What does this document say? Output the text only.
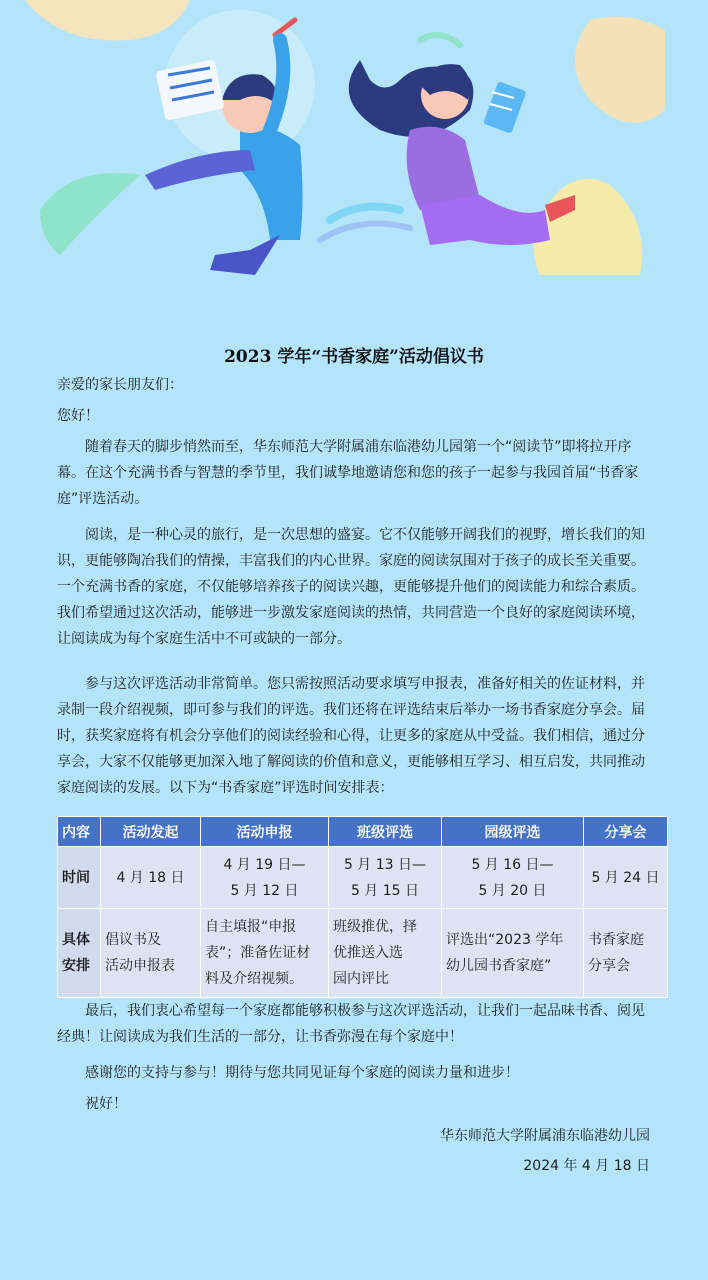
2023 学年“书香家庭”活动倡议书

亲爱的家长朋友们：

您好！

随着春天的脚步悄然而至，华东师范大学附属浦东临港幼儿园第一个“阅读节”即将拉开序幕。在这个充满书香与智慧的季节里，我们诚挚地邀请您和您的孩子一起参与我园首届“书香家庭”评选活动。

阅读，是一种心灵的旅行，是一次思想的盛宴。它不仅能够开阔我们的视野，增长我们的知识，更能够陶冶我们的情操，丰富我们的内心世界。家庭的阅读氛围对于孩子的成长至关重要。一个充满书香的家庭，不仅能够培养孩子的阅读兴趣，更能够提升他们的阅读能力和综合素质。我们希望通过这次活动，能够进一步激发家庭阅读的热情，共同营造一个良好的家庭阅读环境，让阅读成为每个家庭生活中不可或缺的一部分。

参与这次评选活动非常简单。您只需按照活动要求填写申报表，准备好相关的佐证材料，并录制一段介绍视频，即可参与我们的评选。我们还将在评选结束后举办一场书香家庭分享会。届时，获奖家庭将有机会分享他们的阅读经验和心得，让更多的家庭从中受益。我们相信，通过分享会，大家不仅能够更加深入地了解阅读的价值和意义，更能够相互学习、相互启发，共同推动家庭阅读的发展。以下为“书香家庭”评选时间安排表：

内容	活动发起	活动申报	班级评选	园级评选	分享会
时间	4 月 18 日	4 月 19 日—
5 月 12 日	5 月 13 日—
5 月 15 日	5 月 16 日—
5 月 20 日	5 月 24 日
具体
安排	倡议书及
活动申报表	自主填报“申报
表”；准备佐证材
料及介绍视频。	班级推优，择
优推送入选
园内评比	评选出“2023 学年
幼儿园书香家庭”	书香家庭
分享会

最后，我们衷心希望每一个家庭都能够积极参与这次评选活动，让我们一起品味书香、阅见经典！让阅读成为我们生活的一部分，让书香弥漫在每个家庭中！

感谢您的支持与参与！期待与您共同见证每个家庭的阅读力量和进步！

祝好！

华东师范大学附属浦东临港幼儿园

2024 年 4 月 18 日
